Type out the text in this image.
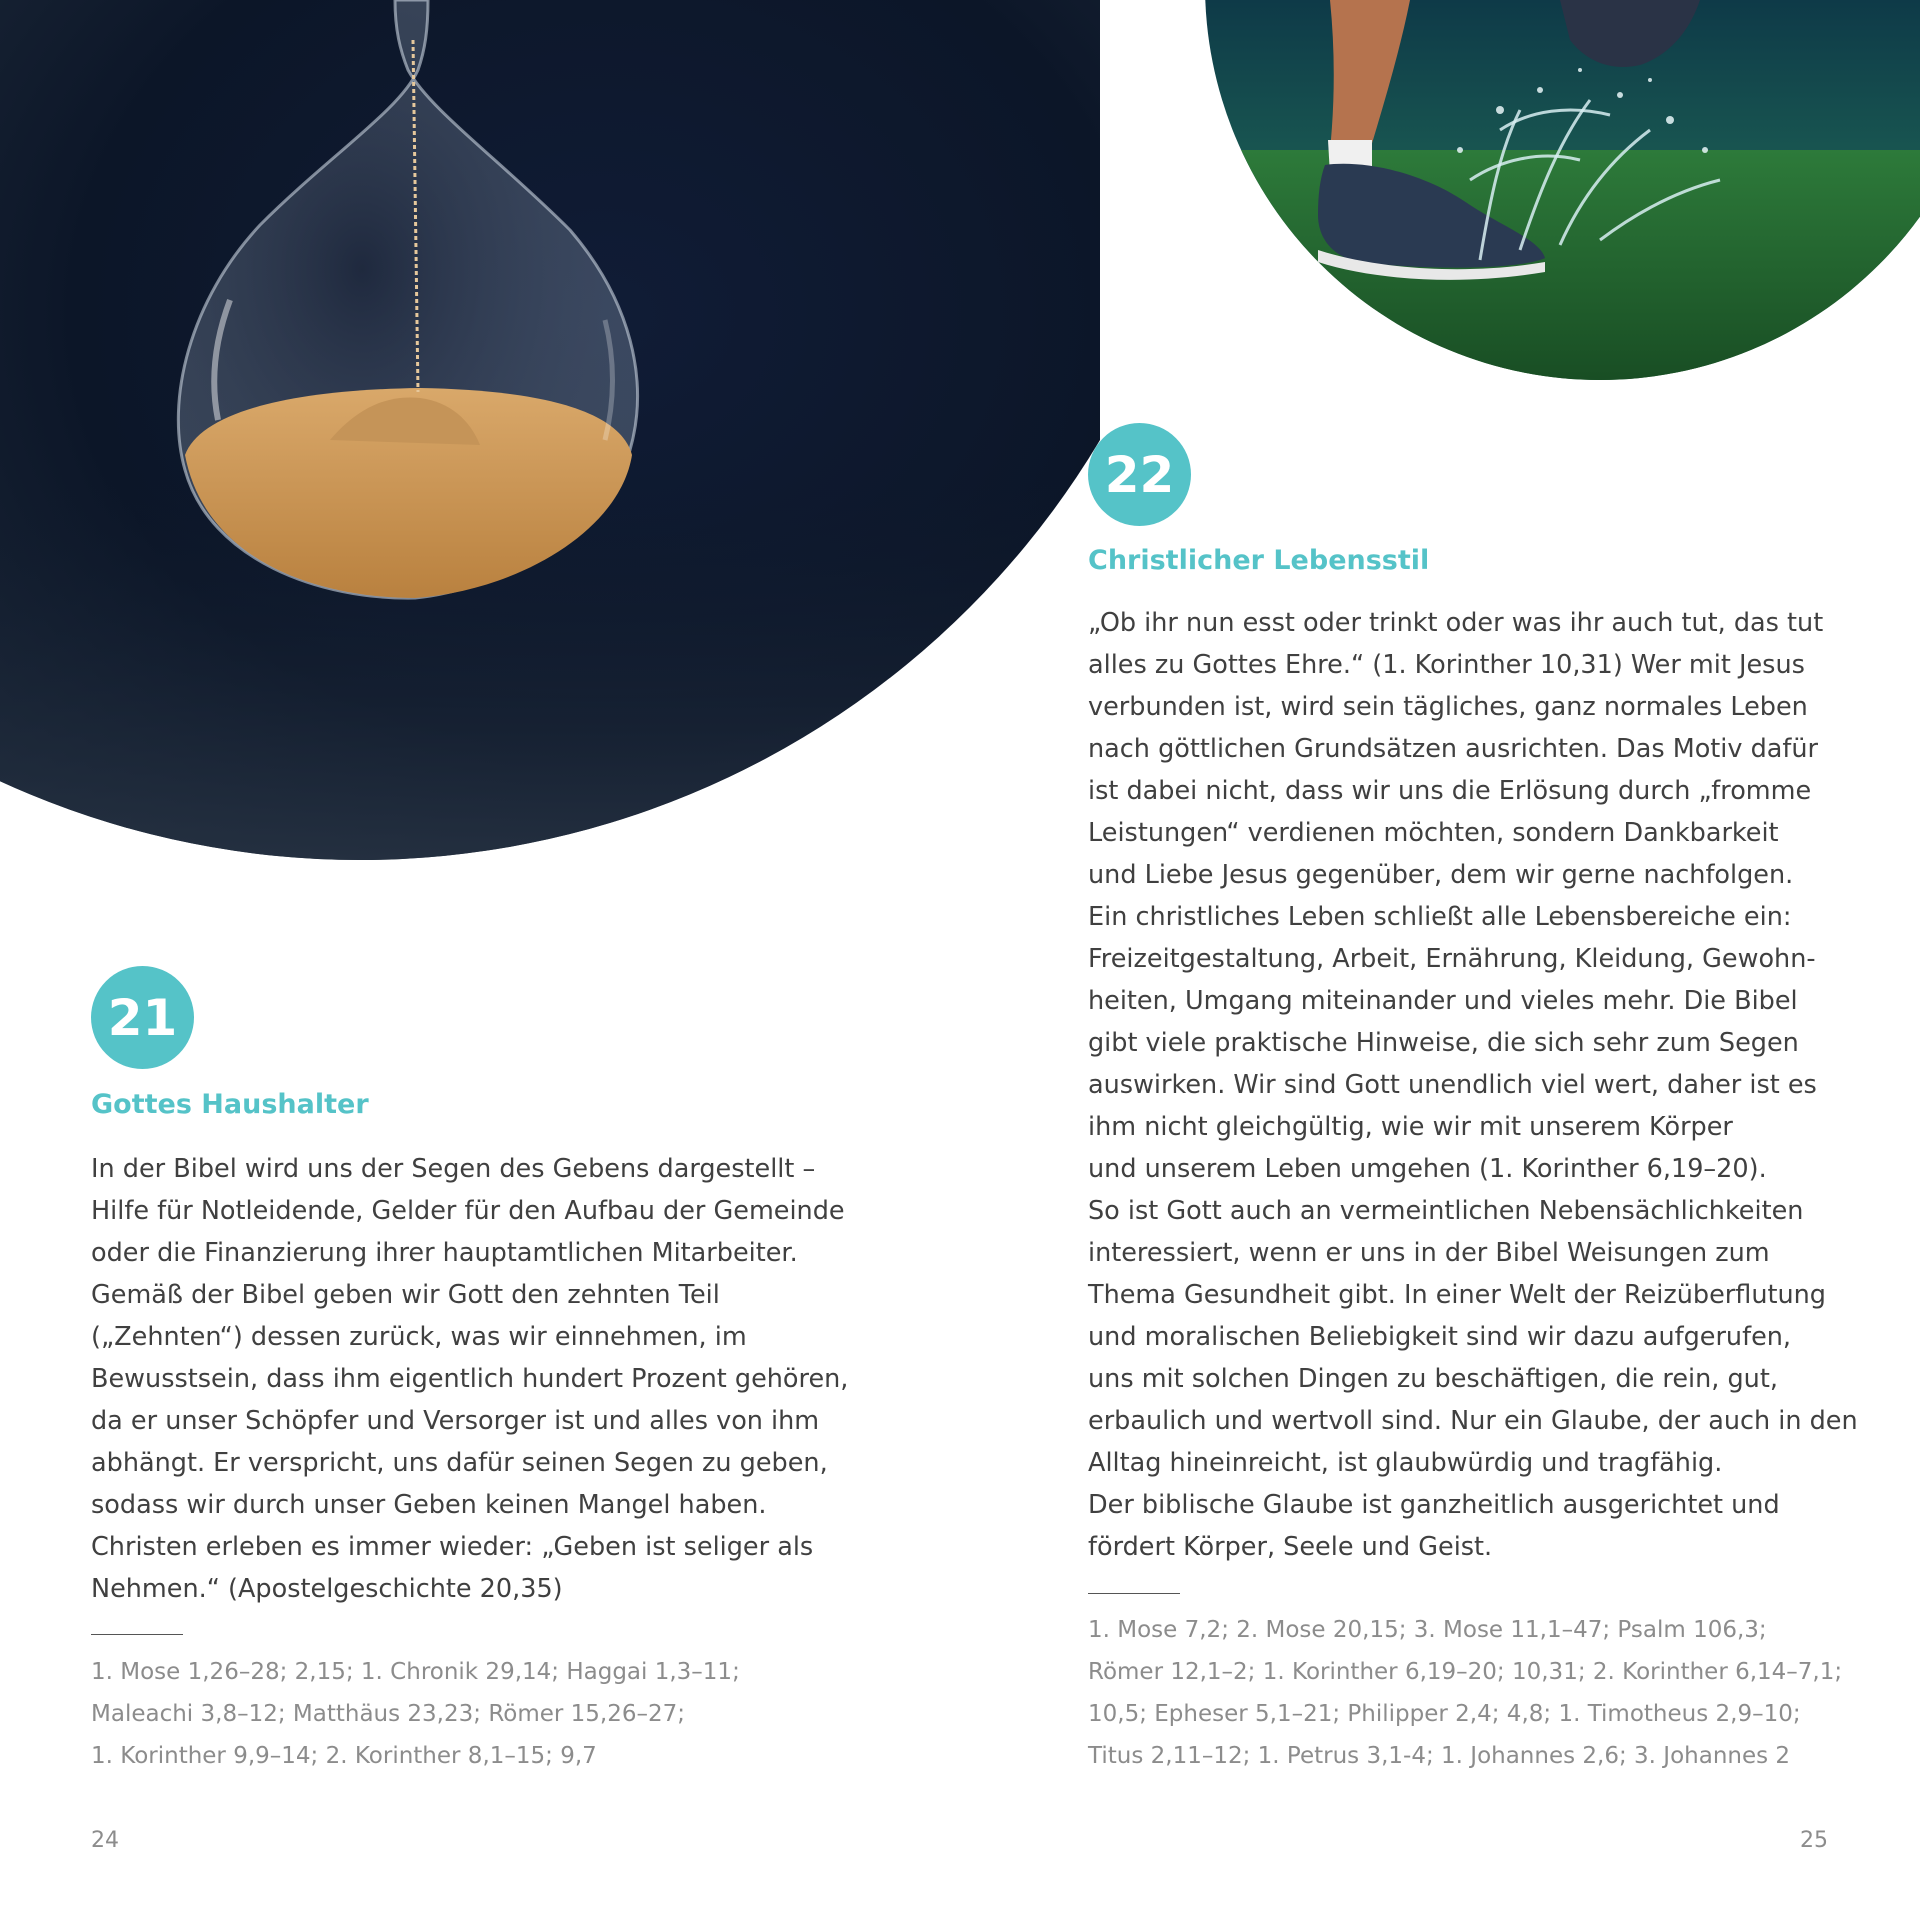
21
Gottes Haushalter

In der Bibel wird uns der Segen des Gebens dargestellt –

Hilfe für Notleidende, Gelder für den Aufbau der Gemeinde

oder die Finanzierung ihrer hauptamtlichen Mitarbeiter.

Gemäß der Bibel geben wir Gott den zehnten Teil

(„Zehnten“) dessen zurück, was wir einnehmen, im

Bewusstsein, dass ihm eigentlich hundert Prozent gehören,

da er unser Schöpfer und Versorger ist und alles von ihm

abhängt. Er verspricht, uns dafür seinen Segen zu geben,

sodass wir durch unser Geben keinen Mangel haben.

Christen erleben es immer wieder: „Geben ist seliger als

Nehmen.“ (Apostelgeschichte 20,35)

1. Mose 1,26–28; 2,15; 1. Chronik 29,14; Haggai 1,3–11;

Maleachi 3,8–12; Matthäus 23,23; Römer 15,26–27;

1. Korinther 9,9–14; 2. Korinther 8,1–15; 9,7

24
22
Christlicher Lebensstil

„Ob ihr nun esst oder trinkt oder was ihr auch tut, das tut

alles zu Gottes Ehre.“ (1. Korinther 10,31) Wer mit Jesus

verbunden ist, wird sein tägliches, ganz normales Leben

nach göttlichen Grundsätzen ausrichten. Das Motiv dafür

ist dabei nicht, dass wir uns die Erlösung durch „fromme

Leistungen“ verdienen möchten, sondern Dankbarkeit

und Liebe Jesus gegenüber, dem wir gerne nachfolgen.

Ein christliches Leben schließt alle Lebensbereiche ein:

Freizeitgestaltung, Arbeit, Ernährung, Kleidung, Gewohn-

heiten, Umgang miteinander und vieles mehr. Die Bibel

gibt viele praktische Hinweise, die sich sehr zum Segen

auswirken. Wir sind Gott unendlich viel wert, daher ist es

ihm nicht gleichgültig, wie wir mit unserem Körper

und unserem Leben umgehen (1. Korinther 6,19–20).

So ist Gott auch an vermeintlichen Nebensächlichkeiten

interessiert, wenn er uns in der Bibel Weisungen zum

Thema Gesundheit gibt. In einer Welt der Reizüberflutung

und moralischen Beliebigkeit sind wir dazu aufgerufen,

uns mit solchen Dingen zu beschäftigen, die rein, gut,

erbaulich und wertvoll sind. Nur ein Glaube, der auch in den

Alltag hineinreicht, ist glaubwürdig und tragfähig.

Der biblische Glaube ist ganzheitlich ausgerichtet und

fördert Körper, Seele und Geist.

1. Mose 7,2; 2. Mose 20,15; 3. Mose 11,1–47; Psalm 106,3;

Römer 12,1–2; 1. Korinther 6,19–20; 10,31; 2. Korinther 6,14–7,1;

10,5; Epheser 5,1–21; Philipper 2,4; 4,8; 1. Timotheus 2,9–10;

Titus 2,11–12; 1. Petrus 3,1-4; 1. Johannes 2,6; 3. Johannes 2

25
